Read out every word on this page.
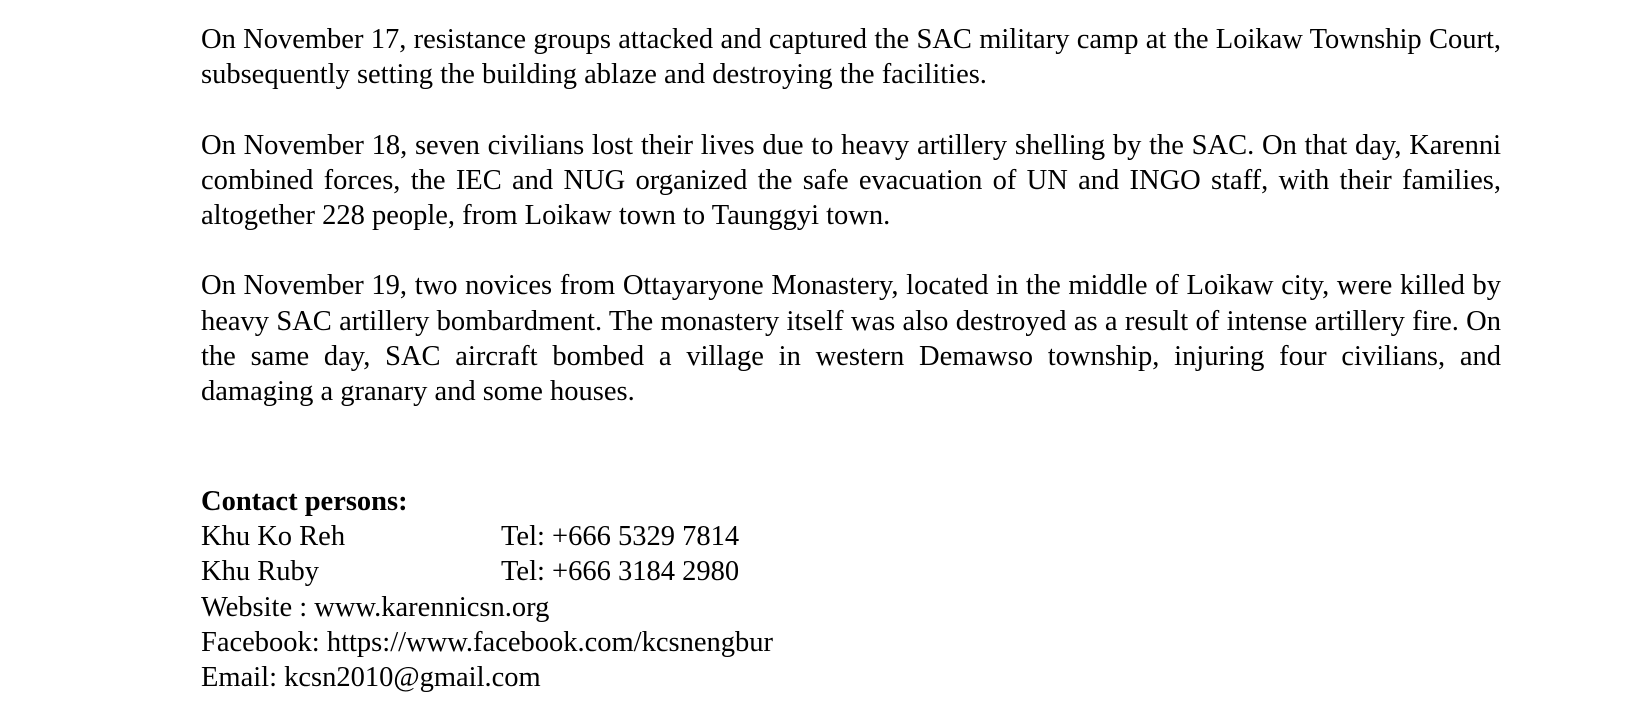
On November 17, resistance groups attacked and captured the SAC military camp at the Loikaw Township Court, subsequently setting the building ablaze and destroying the facilities.

On November 18, seven civilians lost their lives due to heavy artillery shelling by the SAC. On that day, Karenni combined forces, the IEC and NUG organized the safe evacuation of UN and INGO staff, with their families, altogether 228 people, from Loikaw town to Taunggyi town.

On November 19, two novices from Ottayaryone Monastery, located in the middle of Loikaw city, were killed by heavy SAC artillery bombardment. The monastery itself was also destroyed as a result of intense artillery fire. On the same day, SAC aircraft bombed a village in western Demawso township, injuring four civilians, and damaging a granary and some houses.

Contact persons:

Khu Ko Reh	Tel: +666 5329 7814
Khu Ruby	Tel: +666 3184 2980

Website : www.karennicsn.org

Facebook: https://www.facebook.com/kcsnengbur

Email: kcsn2010@gmail.com
